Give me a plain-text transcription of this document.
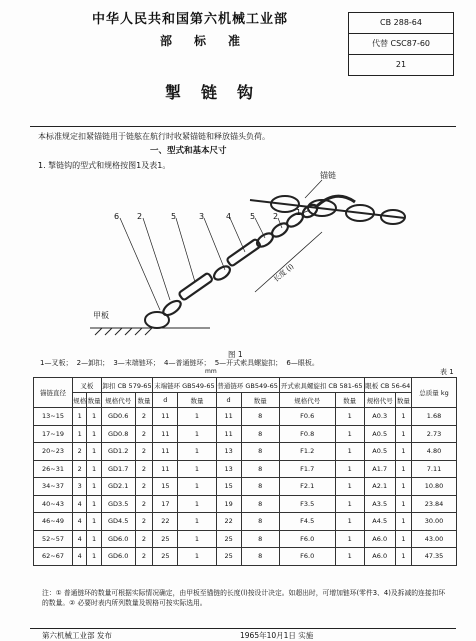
中华人民共和国第六机械工业部
部标准
掣链钩
CB 288-64
代替 CSC87-60
21
本标准规定扣紧锚链用于链舷在航行时收紧锚链和释放锚头负荷。
一、型式和基本尺寸
1. 掣链钩的型式和规格按图1及表1。
6 2	5	3	4 5 2 1
锚链
甲板
长度 (l)
图 1
1—叉板； 2—卸扣； 3—末端链环； 4—普通链环； 5—开式索具螺旋扣； 6—眼板。
mm	表 1
锚链直径	叉板		卸扣 CB 579-65		末端链环 GB549-65		普通链环 GB549-65		开式索具螺旋扣 CB 581-65		眼板 CB 56-64		总质量 kg
	规格	数量	规格代号	数量	d	数量	d	数量	规格代号	数量	规格代号	数量	
13~15	1	1	GD0.6	2	11	1	11	8	F0.6	1	A0.3	1	1.68
17~19	1	1	GD0.8	2	11	1	11	8	F0.8	1	A0.5	1	2.73
20~23	2	1	GD1.2	2	11	1	13	8	F1.2	1	A0.5	1	4.80
26~31	2	1	GD1.7	2	11	1	13	8	F1.7	1	A1.7	1	7.11
34~37	3	1	GD2.1	2	15	1	15	8	F2.1	1	A2.1	1	10.80
40~43	4	1	GD3.5	2	17	1	19	8	F3.5	1	A3.5	1	23.84
46~49	4	1	GD4.5	2	22	1	22	8	F4.5	1	A4.5	1	30.00
52~57	4	1	GD6.0	2	25	1	25	8	F6.0	1	A6.0	1	43.00
62~67	4	1	GD6.0	2	25	1	25	8	F6.0	1	A6.0	1	47.35
注：① 普通链环的数量可根据实际情况确定，由甲板至锚链的长度(l)按设计决定。如超出时，可增加链环(零件3、4)及拆减的连接扣环的数量。② 必要时表内所列数量及规格可按实际选用。
第六机械工业部 发布	1965年10月1日 实施
